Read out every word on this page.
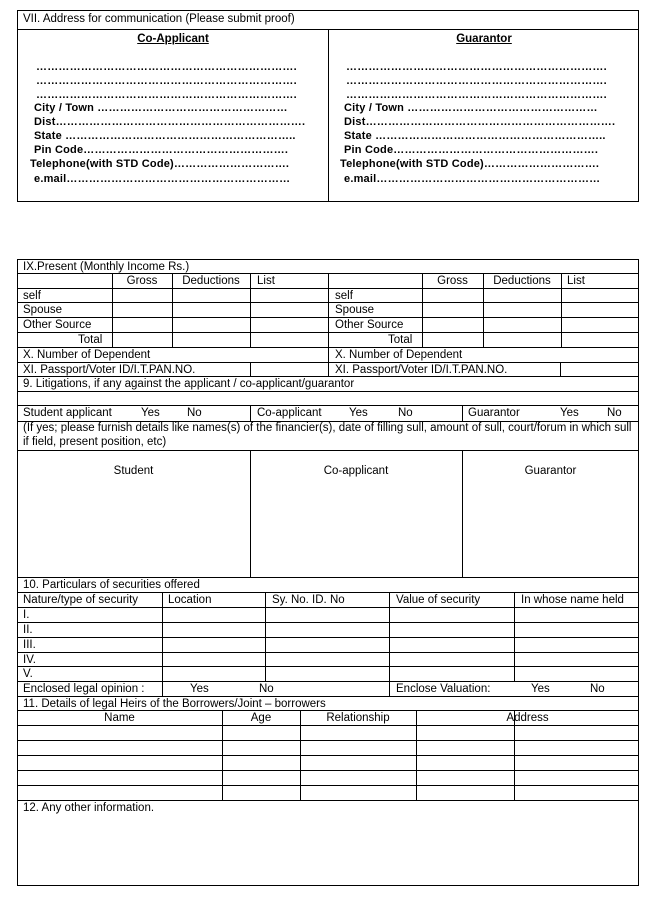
VII. Address for communication (Please submit proof)
Co-Applicant	Guarantor
…………………………………………………………….
…………………………………………………………….
…………………………………………………………….
City / Town ……………………………………………
Dist………………………………………………………….
State ……………………………………………………..
Pin Code……………………………………………….
Telephone(with STD Code)………………………….
e.mail……………………………………………………
…………………………………………………………….
…………………………………………………………….
…………………………………………………………….
City / Town ……………………………………………
Dist………………………………………………………….
State ……………………………………………………..
Pin Code……………………………………………….
Telephone(with STD Code)………………………….
e.mail……………………………………………………
IX.Present (Monthly Income Rs.)
Gross	Deductions	List	Gross	Deductions	List
self	self
Spouse	Spouse
Other Source	Other Source
Total	Total
X. Number of Dependent	X. Number of Dependent
XI. Passport/Voter ID/I.T.PAN.NO.	XI. Passport/Voter ID/I.T.PAN.NO.
9. Litigations, if any against the applicant / co-applicant/guarantor
Student applicant	Yes No	Co-applicant Yes	No	Guarantor	Yes No
(If yes; please furnish details like names(s) of the financier(s), date of filling sull, amount of sull, court/forum in which sull if field, present position, etc)
Student	Co-applicant	Guarantor
10. Particulars of securities offered
Nature/type of security	Location	Sy. No. ID. No	Value of security	In whose name held
I.
II.
III.
IV.
V.
Enclosed legal opinion :	Yes	No	Enclose Valuation:	Yes	No
11. Details of legal Heirs of the Borrowers/Joint – borrowers
Name	Age	Relationship	Address
12. Any other information.
